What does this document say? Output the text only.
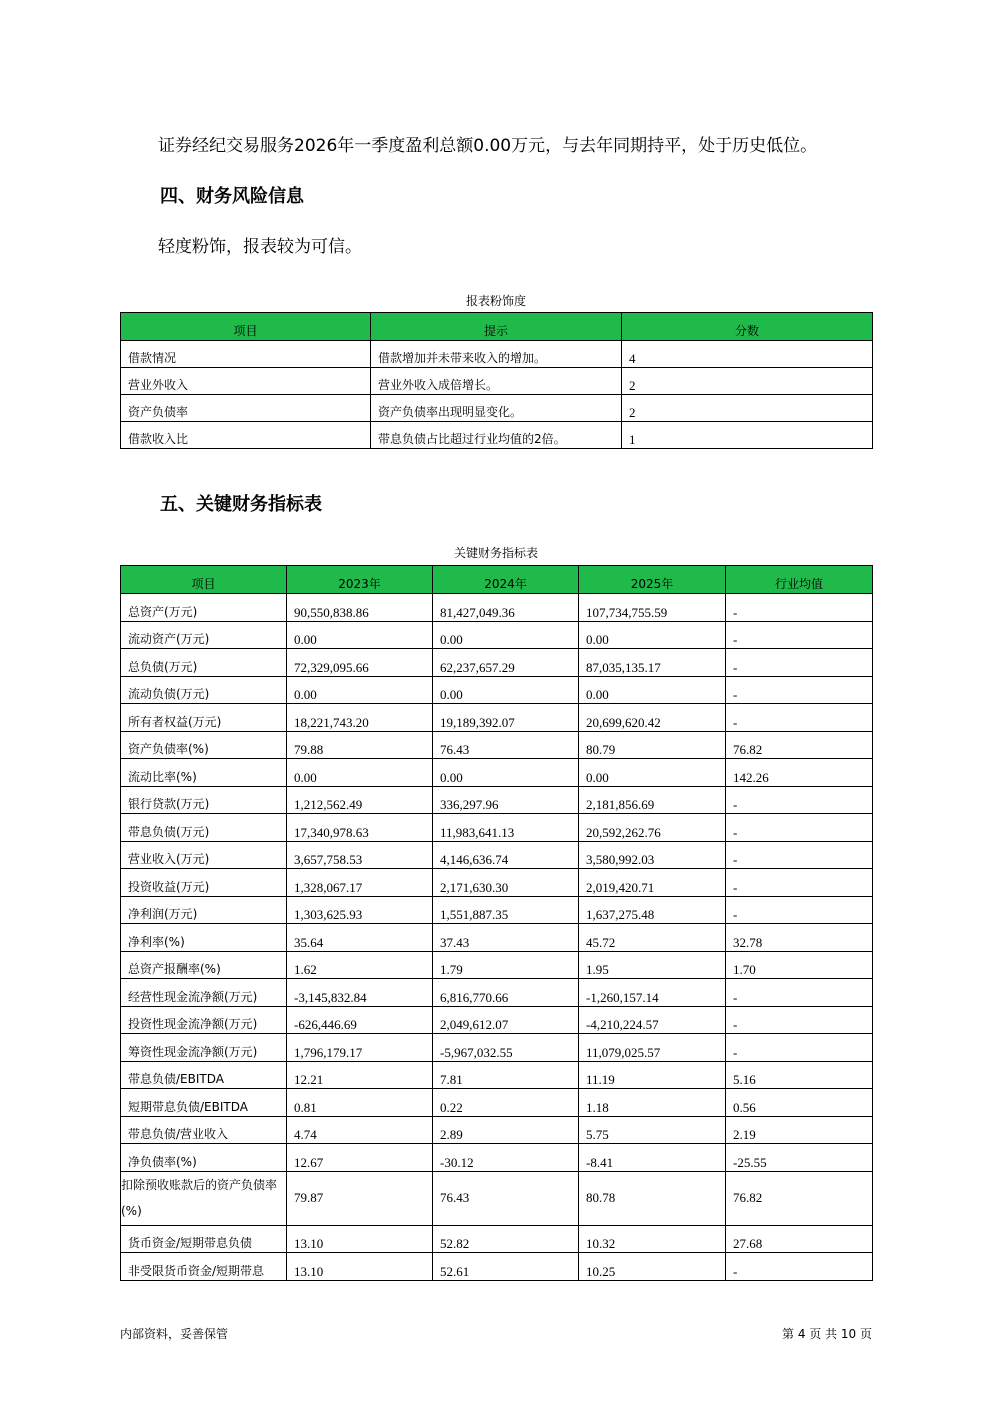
证券经纪交易服务2026年一季度盈利总额0.00万元，与去年同期持平，处于历史低位。
四、财务风险信息
轻度粉饰，报表较为可信。
报表粉饰度
项目	提示	分数
借款情况	借款增加并未带来收入的增加。	4
营业外收入	营业外收入成倍增长。	2
资产负债率	资产负债率出现明显变化。	2
借款收入比	带息负债占比超过行业均值的2倍。	1
五、关键财务指标表
关键财务指标表
项目	2023年	2024年	2025年	行业均值
总资产(万元)	90,550,838.86	81,427,049.36	107,734,755.59	-
流动资产(万元)	0.00	0.00	0.00	-
总负债(万元)	72,329,095.66	62,237,657.29	87,035,135.17	-
流动负债(万元)	0.00	0.00	0.00	-
所有者权益(万元)	18,221,743.20	19,189,392.07	20,699,620.42	-
资产负债率(%)	79.88	76.43	80.79	76.82
流动比率(%)	0.00	0.00	0.00	142.26
银行贷款(万元)	1,212,562.49	336,297.96	2,181,856.69	-
带息负债(万元)	17,340,978.63	11,983,641.13	20,592,262.76	-
营业收入(万元)	3,657,758.53	4,146,636.74	3,580,992.03	-
投资收益(万元)	1,328,067.17	2,171,630.30	2,019,420.71	-
净利润(万元)	1,303,625.93	1,551,887.35	1,637,275.48	-
净利率(%)	35.64	37.43	45.72	32.78
总资产报酬率(%)	1.62	1.79	1.95	1.70
经营性现金流净额(万元)	-3,145,832.84	6,816,770.66	-1,260,157.14	-
投资性现金流净额(万元)	-626,446.69	2,049,612.07	-4,210,224.57	-
筹资性现金流净额(万元)	1,796,179.17	-5,967,032.55	11,079,025.57	-
带息负债/EBITDA	12.21	7.81	11.19	5.16
短期带息负债/EBITDA	0.81	0.22	1.18	0.56
带息负债/营业收入	4.74	2.89	5.75	2.19
净负债率(%)	12.67	-30.12	-8.41	-25.55
扣除预收账款后的资产负债率(%)	79.87	76.43	80.78	76.82
货币资金/短期带息负债	13.10	52.82	10.32	27.68
非受限货币资金/短期带息	13.10	52.61	10.25	-
内部资料，妥善保管	第 4 页 共 10 页
